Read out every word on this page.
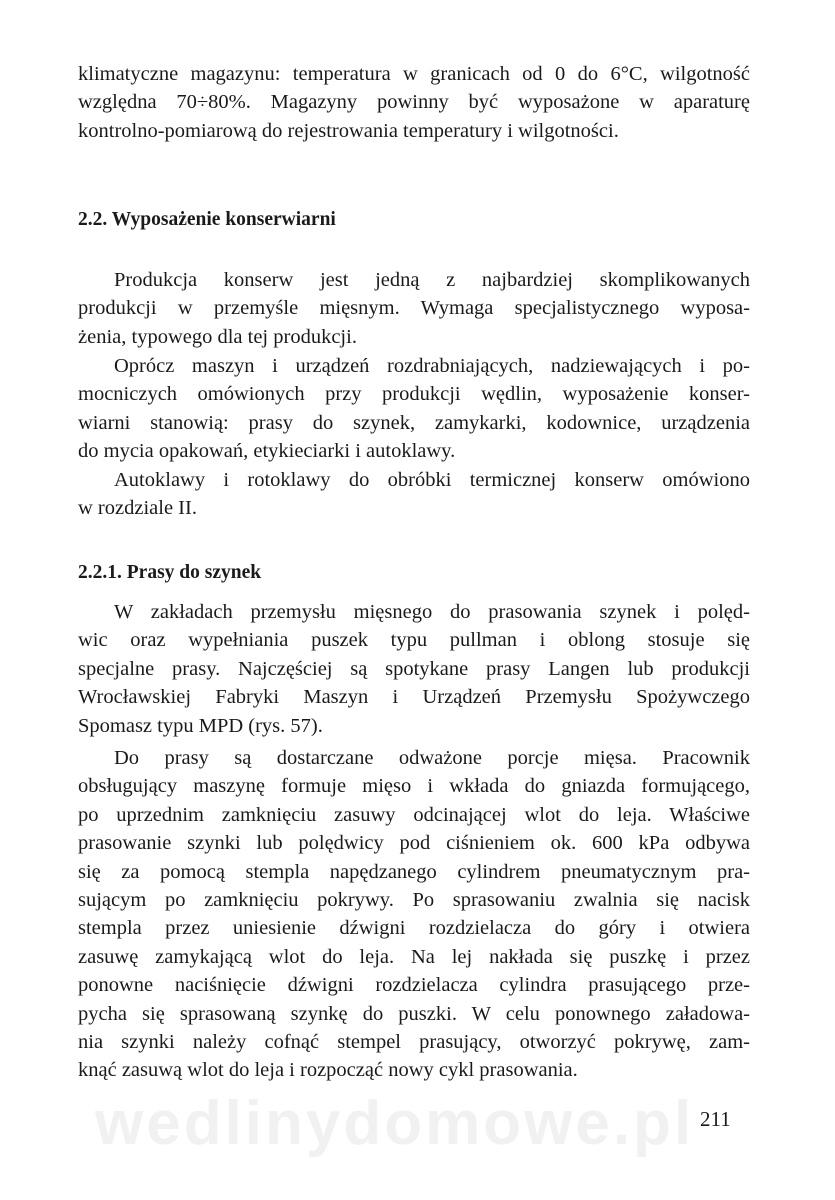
klimatyczne magazynu: temperatura w granicach od 0 do 6°C, wilgotność
względna 70÷80%. Magazyny powinny być wyposażone w aparaturę
kontrolno-pomiarową do rejestrowania temperatury i wilgotności.
2.2. Wyposażenie konserwiarni
Produkcja konserw jest jedną z najbardziej skomplikowanych
produkcji w przemyśle mięsnym. Wymaga specjalistycznego wyposa-
żenia, typowego dla tej produkcji.
Oprócz maszyn i urządzeń rozdrabniających, nadziewających i po-
mocniczych omówionych przy produkcji wędlin, wyposażenie konser-
wiarni stanowią: prasy do szynek, zamykarki, kodownice, urządzenia
do mycia opakowań, etykieciarki i autoklawy.
Autoklawy i rotoklawy do obróbki termicznej konserw omówiono
w rozdziale II.
2.2.1. Prasy do szynek
W zakładach przemysłu mięsnego do prasowania szynek i polęd-
wic oraz wypełniania puszek typu pullman i oblong stosuje się
specjalne prasy. Najczęściej są spotykane prasy Langen lub produkcji
Wrocławskiej Fabryki Maszyn i Urządzeń Przemysłu Spożywczego
Spomasz typu MPD (rys. 57).
Do prasy są dostarczane odważone porcje mięsa. Pracownik
obsługujący maszynę formuje mięso i wkłada do gniazda formującego,
po uprzednim zamknięciu zasuwy odcinającej wlot do leja. Właściwe
prasowanie szynki lub polędwicy pod ciśnieniem ok. 600 kPa odbywa
się za pomocą stempla napędzanego cylindrem pneumatycznym pra-
sującym po zamknięciu pokrywy. Po sprasowaniu zwalnia się nacisk
stempla przez uniesienie dźwigni rozdzielacza do góry i otwiera
zasuwę zamykającą wlot do leja. Na lej nakłada się puszkę i przez
ponowne naciśnięcie dźwigni rozdzielacza cylindra prasującego prze-
pycha się sprasowaną szynkę do puszki. W celu ponownego załadowa-
nia szynki należy cofnąć stempel prasujący, otworzyć pokrywę, zam-
knąć zasuwą wlot do leja i rozpocząć nowy cykl prasowania.
wedlinydomowe.pl 211
